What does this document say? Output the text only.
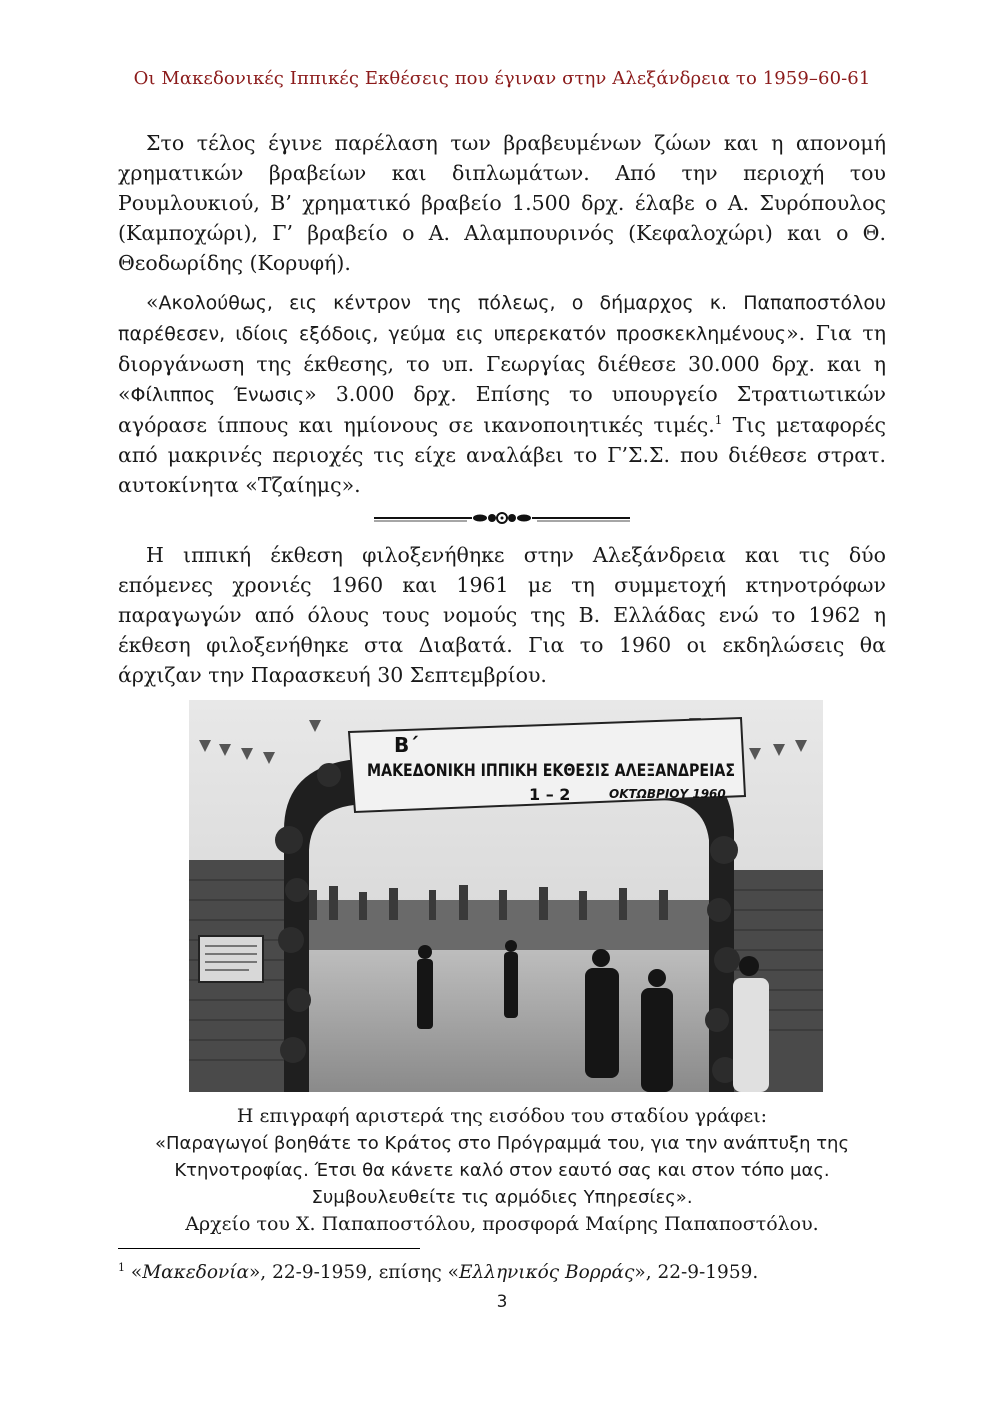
Οι Μακεδονικές Ιππικές Εκθέσεις που έγιναν στην Αλεξάνδρεια το 1959–60-61

Στο τέλος έγινε παρέλαση των βραβευμένων ζώων και η απονομή χρηματικών βραβείων και διπλωμάτων. Από την περιοχή του Ρουμλουκιού, Β’ χρηματικό βραβείο 1.500 δρχ. έλαβε ο Α. Συρόπουλος (Καμποχώρι), Γ’ βραβείο ο Α. Αλαμπουρινός (Κεφαλοχώρι) και ο Θ. Θεοδωρίδης (Κορυφή).

«Ακολούθως, εις κέντρον της πόλεως, ο δήμαρχος κ. Παπαποστόλου παρέθεσεν, ιδίοις εξόδοις, γεύμα εις υπερεκατόν προσκεκλημένους». Για τη διοργάνωση της έκθεσης, το υπ. Γεωργίας διέθεσε 30.000 δρχ. και η «Φίλιππος Ένωσις» 3.000 δρχ. Επίσης το υπουργείο Στρατιωτικών αγόρασε ίππους και ημίονους σε ικανοποιητικές τιμές.$^1$ Τις μεταφορές από μακρινές περιοχές τις είχε αναλάβει το Γ’Σ.Σ. που διέθεσε στρατ. αυτοκίνητα «Τζαίημς».

Η ιππική έκθεση φιλοξενήθηκε στην Αλεξάνδρεια και τις δύο επόμενες χρονιές 1960 και 1961 με τη συμμετοχή κτηνοτρόφων παραγωγών από όλους τους νομούς της Β. Ελλάδας ενώ το 1962 η έκθεση φιλοξενήθηκε στα Διαβατά. Για το 1960 οι εκδηλώσεις θα άρχιζαν την Παρασκευή 30 Σεπτεμβρίου.

Β΄
ΜΑΚΕΔΟΝΙΚΗ ΙΠΠΙΚΗ ΕΚΘΕΣΙΣ ΑΛΕΞΑΝΔΡΕΙΑΣ
1 – 2	ΟΚΤΩΒΡΙΟΥ 1960
Η επιγραφή αριστερά της εισόδου του σταδίου γράφει:
«Παραγωγοί βοηθάτε το Κράτος στο Πρόγραμμά του, για την ανάπτυξη της Κτηνοτροφίας. Έτσι θα κάνετε καλό στον εαυτό σας και στον τόπο μας. Συμβουλευθείτε τις αρμόδιες Υπηρεσίες».
Αρχείο του Χ. Παπαποστόλου, προσφορά Μαίρης Παπαποστόλου.
$^1$ «Μακεδονία», 22-9-1959, επίσης «Ελληνικός Βορράς», 22-9-1959.
3
